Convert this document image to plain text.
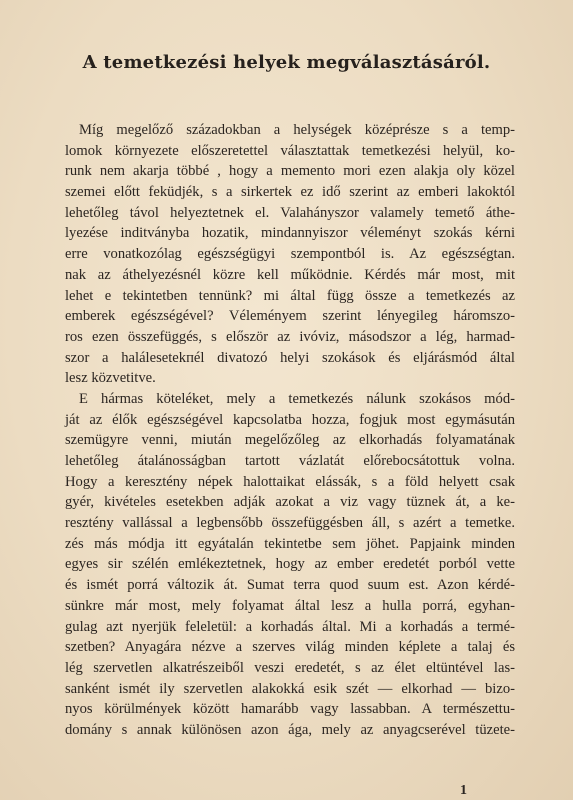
A temetkezési helyek megválasztásáról.
Míg megelőző századokban a helységek középrésze s a temp-
lomok környezete előszeretettel választattak temetkezési helyül, ko-
runk nem akarja többé , hogy a memento mori ezen alakja oly közel
szemei előtt feküdjék, s a sirkertek ez idő szerint az emberi lakoktól
lehetőleg távol helyeztetnek el. Valahányszor valamely temető áthe-
lyezése inditványba hozatik, mindannyiszor véleményt szokás kérni
erre vonatkozólag egészségügyi szempontból is. Az egészségtan.
nak az áthelyezésnél közre kell működnie. Kérdés már most, mit
lehet e tekintetben tennünk? mi által függ össze a temetkezés az
emberek egészségével? Véleményem szerint lényegileg háromszo-
ros ezen összefüggés, s először az ivóviz, másodszor a lég, harmad-
szor a halálesetekпél divatozó helyi szokások és eljárásmód által
lesz közvetitve.
E hármas köteléket, mely a temetkezés nálunk szokásos mód-
ját az élők egészségével kapcsolatba hozza, fogjuk most egymásután
szemügyre venni, miután megelőzőleg az elkorhadás folyamatának
lehetőleg átalánosságban tartott vázlatát előrebocsátottuk volna.
Hogy a keresztény népek halottaikat elássák, s a föld helyett csak
gyér, kivételes esetekben adják azokat a viz vagy tüznek át, a ke-
resztény vallással a legbensőbb összefüggésben áll, s azért a temetke.
zés más módja itt egyátalán tekintetbe sem jöhet. Papjaink minden
egyes sir szélén emlékeztetnek, hogy az ember eredetét porból vette
és ismét porrá változik át. Sumat terra quod suum est. Azon kérdé-
sünkre már most, mely folyamat által lesz a hulla porrá, egyhan-
gulag azt nyerjük feleletül: a korhadás által. Mi a korhadás a termé-
szetben? Anyagára nézve a szerves világ minden képlete a talaj és
lég szervetlen alkatrészeiből veszi eredetét, s az élet eltüntével las-
sanként ismét ily szervetlen alakokká esik szét — elkorhad — bizo-
nyos körülmények között hamarább vagy lassabban. A természettu-
domány s annak különösen azon ága, mely az anyagcserével tüzete-
1
